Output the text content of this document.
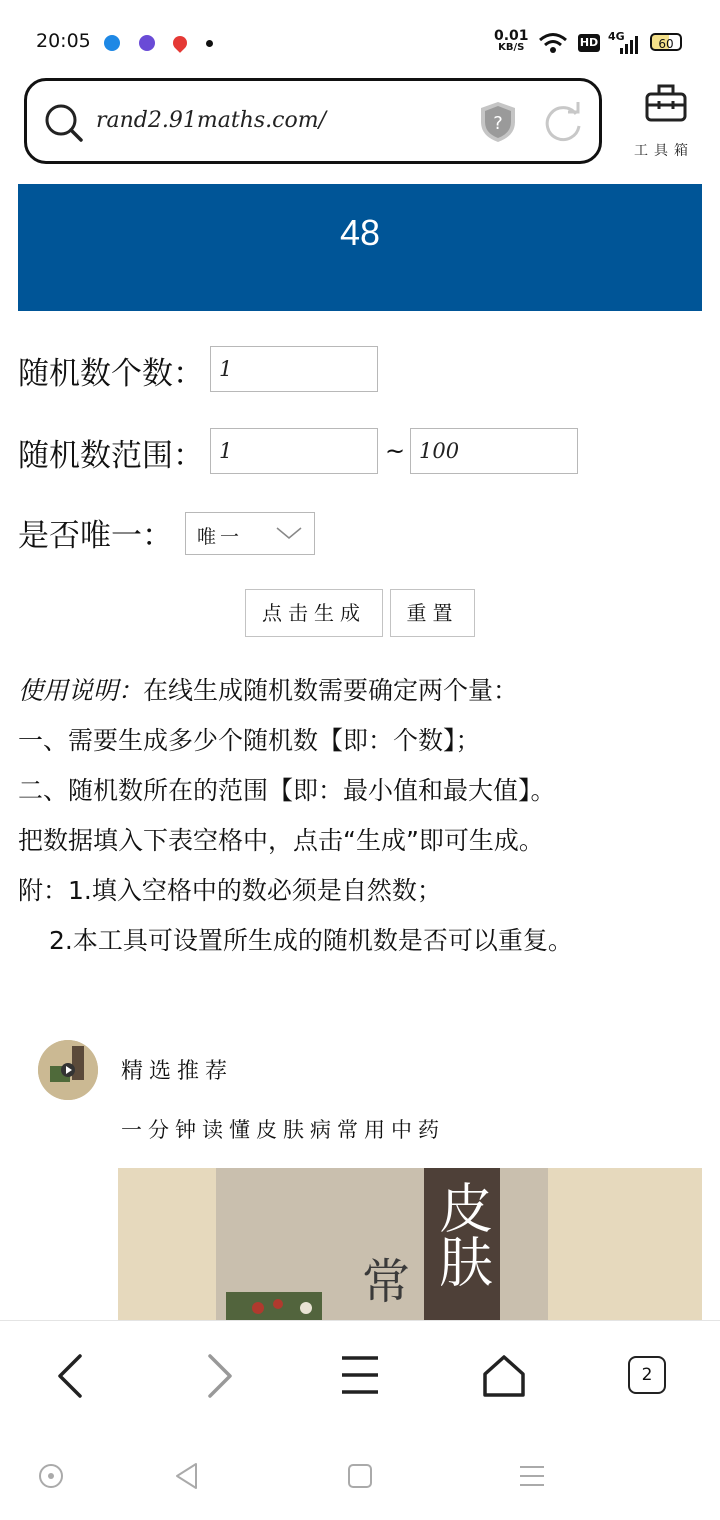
20:05	0.01
KB/S	HD 4G
60
rand2.91maths.com/	?
工具箱
48
随机数个数： 1
随机数范围： 1	~ 100
是否唯一： 唯一
点击生成	重置

使用说明：在线生成随机数需要确定两个量：

一、需要生成多少个随机数【即：个数】；

二、随机数所在的范围【即：最小值和最大值】。

把数据填入下表空格中，点击“生成”即可生成。

附：1.填入空格中的数必须是自然数；

2.本工具可设置所生成的随机数是否可以重复。

精选推荐
一分钟读懂皮肤病常用中药
皮肤
常
2
